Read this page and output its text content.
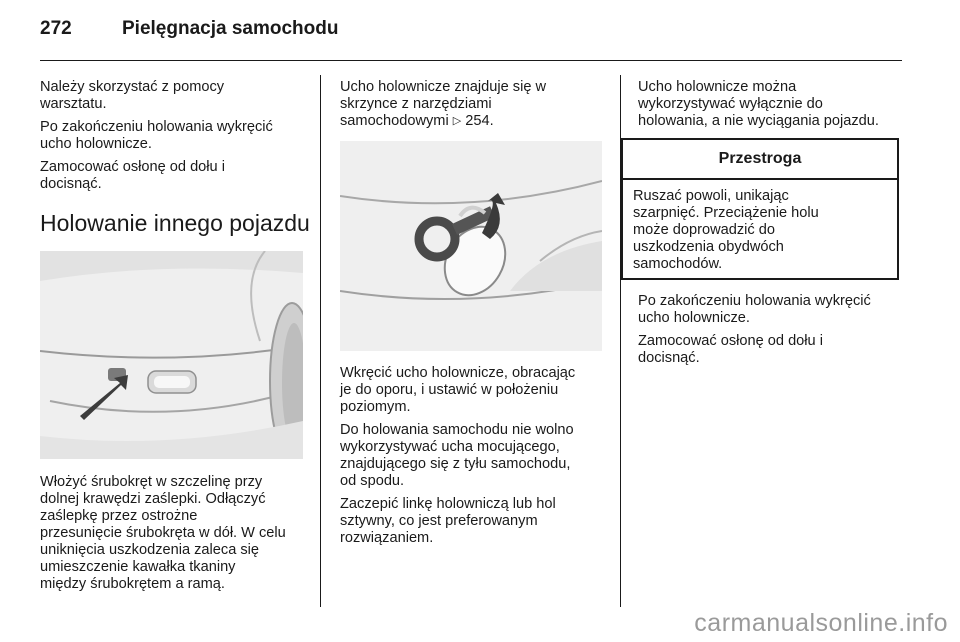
272	Pielęgnacja samochodu

Należy skorzystać z pomocy
warsztatu.

Po zakończeniu holowania wykręcić
ucho holownicze.

Zamocować osłonę od dołu i
docisnąć.

Holowanie innego pojazdu

Włożyć śrubokręt w szczelinę przy
dolnej krawędzi zaślepki. Odłączyć
zaślepkę przez ostrożne
przesunięcie śrubokręta w dół. W celu
uniknięcia uszkodzenia zaleca się
umieszczenie kawałka tkaniny
między śrubokrętem a ramą.

Ucho holownicze znajduje się w
skrzynce z narzędziami
samochodowymi ▷ 254.

Wkręcić ucho holownicze, obracając
je do oporu, i ustawić w położeniu
poziomym.

Do holowania samochodu nie wolno
wykorzystywać ucha mocującego,
znajdującego się z tyłu samochodu,
od spodu.

Zaczepić linkę holowniczą lub hol
sztywny, co jest preferowanym
rozwiązaniem.

Ucho holownicze można
wykorzystywać wyłącznie do
holowania, a nie wyciągania pojazdu.

Przestroga
Ruszać powoli, unikając
szarpnięć. Przeciążenie holu
może doprowadzić do
uszkodzenia obydwóch
samochodów.

Po zakończeniu holowania wykręcić
ucho holownicze.

Zamocować osłonę od dołu i
docisnąć.

carmanualsonline.info
